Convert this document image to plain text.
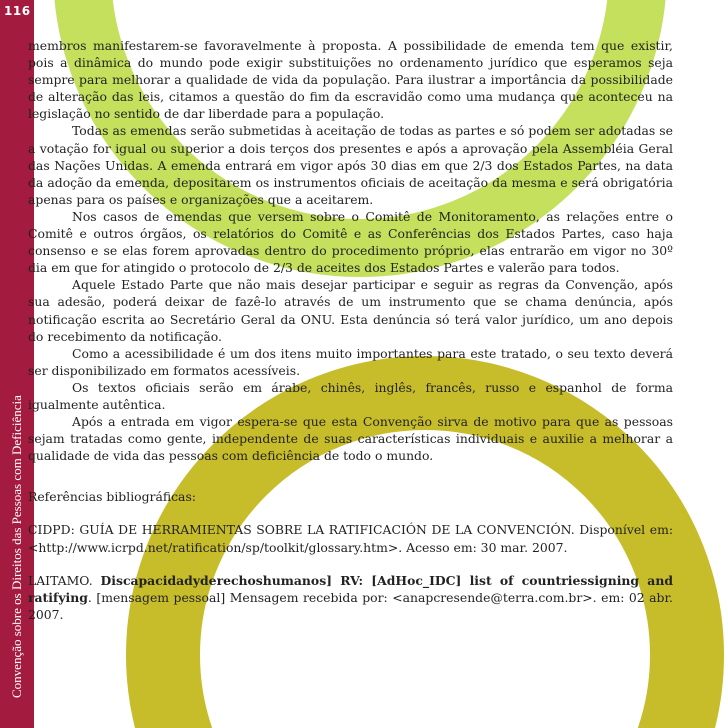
116
Convenção sobre os Direitos das Pessoas com Deficiência

membros manifestarem-se favoravelmente à proposta. A possibilidade de emenda tem que existir, pois a dinâmica do mundo pode exigir substituições no ordenamento jurídico que esperamos seja sempre para melhorar a qualidade de vida da população. Para ilustrar a importância da possibilidade de alteração das leis, citamos a questão do fim da escravidão como uma mudança que aconteceu na legislação no sentido de dar liberdade para a população.

Todas as emendas serão submetidas à aceitação de todas as partes e só podem ser adotadas se a votação for igual ou superior a dois terços dos presentes e após a aprovação pela Assembléia Geral das Nações Unidas. A emenda entrará em vigor após 30 dias em que 2/3 dos Estados Partes, na data da adoção da emenda, depositarem os instrumentos oficiais de aceitação da mesma e será obrigatória apenas para os países e organizações que a aceitarem.

Nos casos de emendas que versem sobre o Comitê de Monitoramento, as relações entre o Comitê e outros órgãos, os relatórios do Comitê e as Conferências dos Estados Partes, caso haja consenso e se elas forem aprovadas dentro do procedimento próprio, elas entrarão em vigor no 30º dia em que for atingido o protocolo de 2/3 de aceites dos Estados Partes e valerão para todos.

Aquele Estado Parte que não mais desejar participar e seguir as regras da Convenção, após sua adesão, poderá deixar de fazê-lo através de um instrumento que se chama denúncia, após notificação escrita ao Secretário Geral da ONU. Esta denúncia só terá valor jurídico, um ano depois do recebimento da notificação.

Como a acessibilidade é um dos itens muito importantes para este tratado, o seu texto deverá ser disponibilizado em formatos acessíveis.

Os textos oficiais serão em árabe, chinês, inglês, francês, russo e espanhol de forma igualmente autêntica.

Após a entrada em vigor espera-se que esta Convenção sirva de motivo para que as pessoas sejam tratadas como gente, independente de suas características individuais e auxilie a melhorar a qualidade de vida das pessoas com deficiência de todo o mundo.

Referências bibliográficas:

CIDPD: GUÍA DE HERRAMIENTAS SOBRE LA RATIFICACIÓN DE LA CONVENCIÓN. Disponível em: <http://www.icrpd.net/ratification/sp/toolkit/glossary.htm>. Acesso em: 30 mar. 2007.

LAITAMO. Discapacidadyderechoshumanos] RV: [AdHoc_IDC] list of countriessigning and ratifying. [mensagem pessoal] Mensagem recebida por: <anapcresende@terra.com.br>. em: 02 abr. 2007.
